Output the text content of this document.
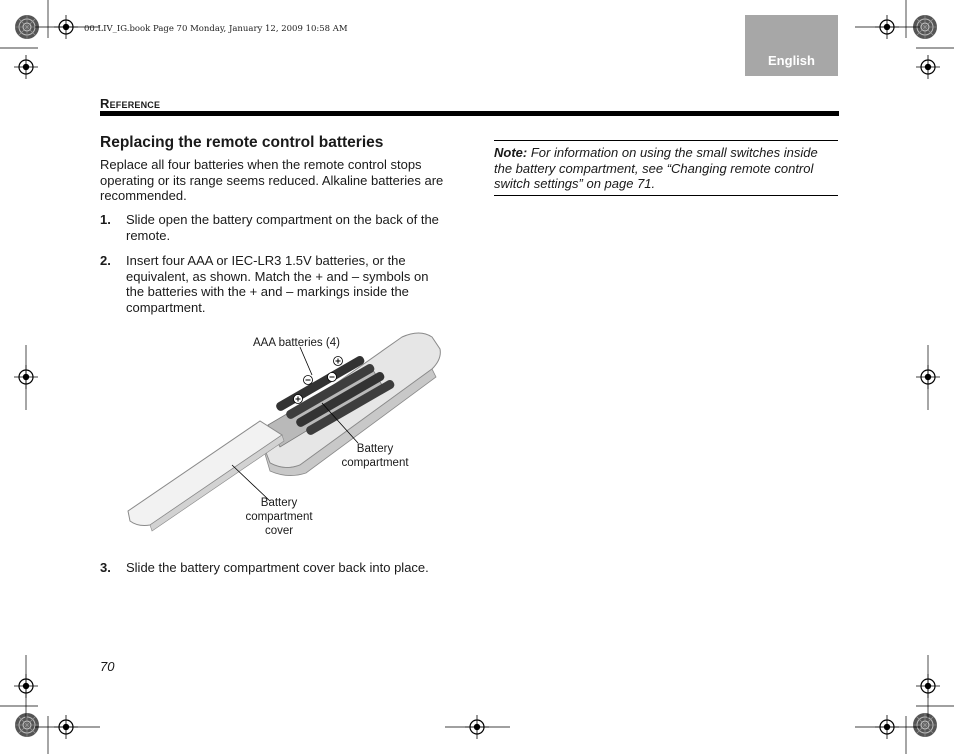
00.LIV_IG.book Page 70 Monday, January 12, 2009 10:58 AM
English
Reference
Replacing the remote control batteries
Replace all four batteries when the remote control stops operating or its range seems reduced. Alkaline batteries are recommended.
1. Slide open the battery compartment on the back of the remote.
2. Insert four AAA or IEC-LR3 1.5V batteries, or the equivalent, as shown. Match the + and – symbols on the batteries with the + and – markings inside the compartment.
AAA batteries (4)
Battery compartment
Battery compartment cover
3. Slide the battery compartment cover back into place.
Note: For information on using the small switches inside the battery compartment, see “Changing remote control switch settings” on page 71.
70
